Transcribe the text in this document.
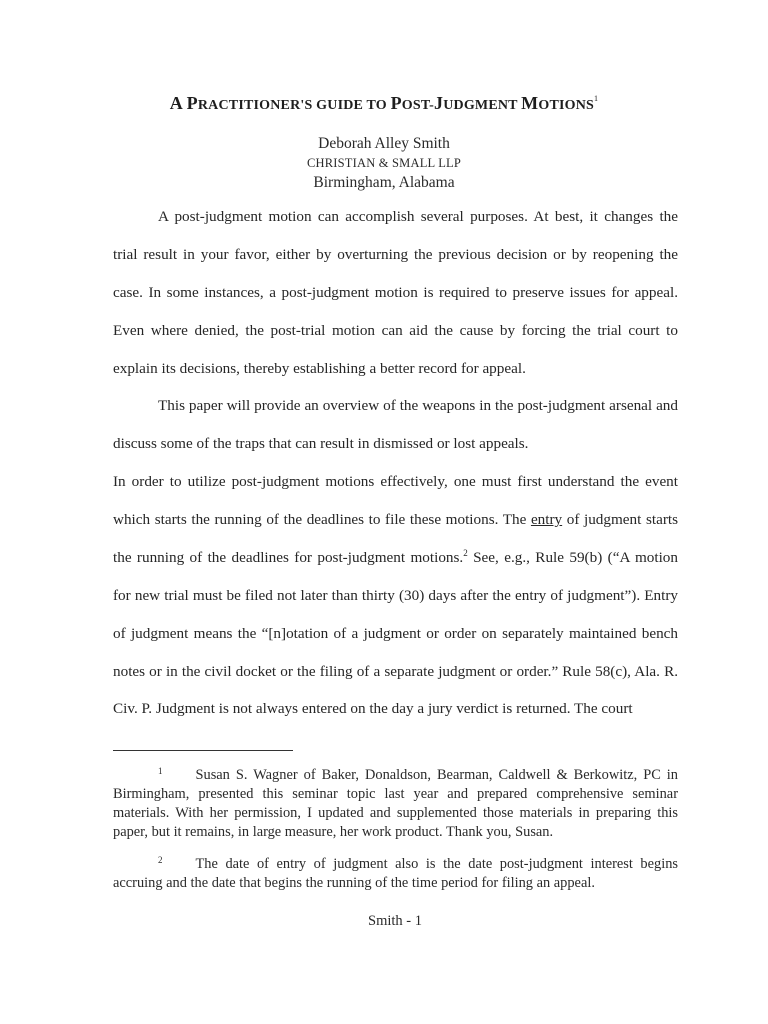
A PRACTITIONER'S GUIDE TO POST-JUDGMENT MOTIONS$^1$
Deborah Alley Smith
CHRISTIAN & SMALL LLP
Birmingham, Alabama

A post-judgment motion can accomplish several purposes. At best, it changes the trial result in your favor, either by overturning the previous decision or by reopening the case. In some instances, a post-judgment motion is required to preserve issues for appeal. Even where denied, the post-trial motion can aid the cause by forcing the trial court to explain its decisions, thereby establishing a better record for appeal.

This paper will provide an overview of the weapons in the post-judgment arsenal and discuss some of the traps that can result in dismissed or lost appeals.

In order to utilize post-judgment motions effectively, one must first understand the event which starts the running of the deadlines to file these motions. The entry of judgment starts the running of the deadlines for post-judgment motions.$^2$ See, e.g., Rule 59(b) (“A motion for new trial must be filed not later than thirty (30) days after the entry of judgment”). Entry of judgment means the “[n]otation of a judgment or order on separately maintained bench notes or in the civil docket or the filing of a separate judgment or order.” Rule 58(c), Ala. R. Civ. P. Judgment is not always entered on the day a jury verdict is returned. The court

$^1$ Susan S. Wagner of Baker, Donaldson, Bearman, Caldwell & Berkowitz, PC in Birmingham, presented this seminar topic last year and prepared comprehensive seminar materials. With her permission, I updated and supplemented those materials in preparing this paper, but it remains, in large measure, her work product. Thank you, Susan.

$^2$ The date of entry of judgment also is the date post-judgment interest begins accruing and the date that begins the running of the time period for filing an appeal.

Smith - 1
